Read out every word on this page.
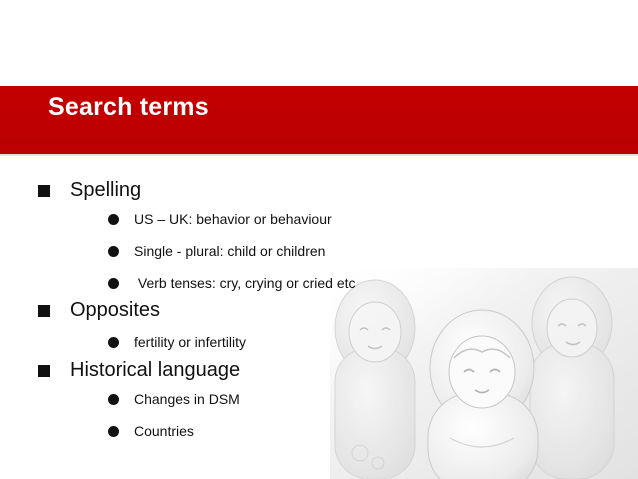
Search terms
Spelling
US – UK: behavior or behaviour
Single - plural: child or children
Verb tenses: cry, crying or cried etc
Opposites
fertility or infertility
Historical language
Changes in DSM
Countries
